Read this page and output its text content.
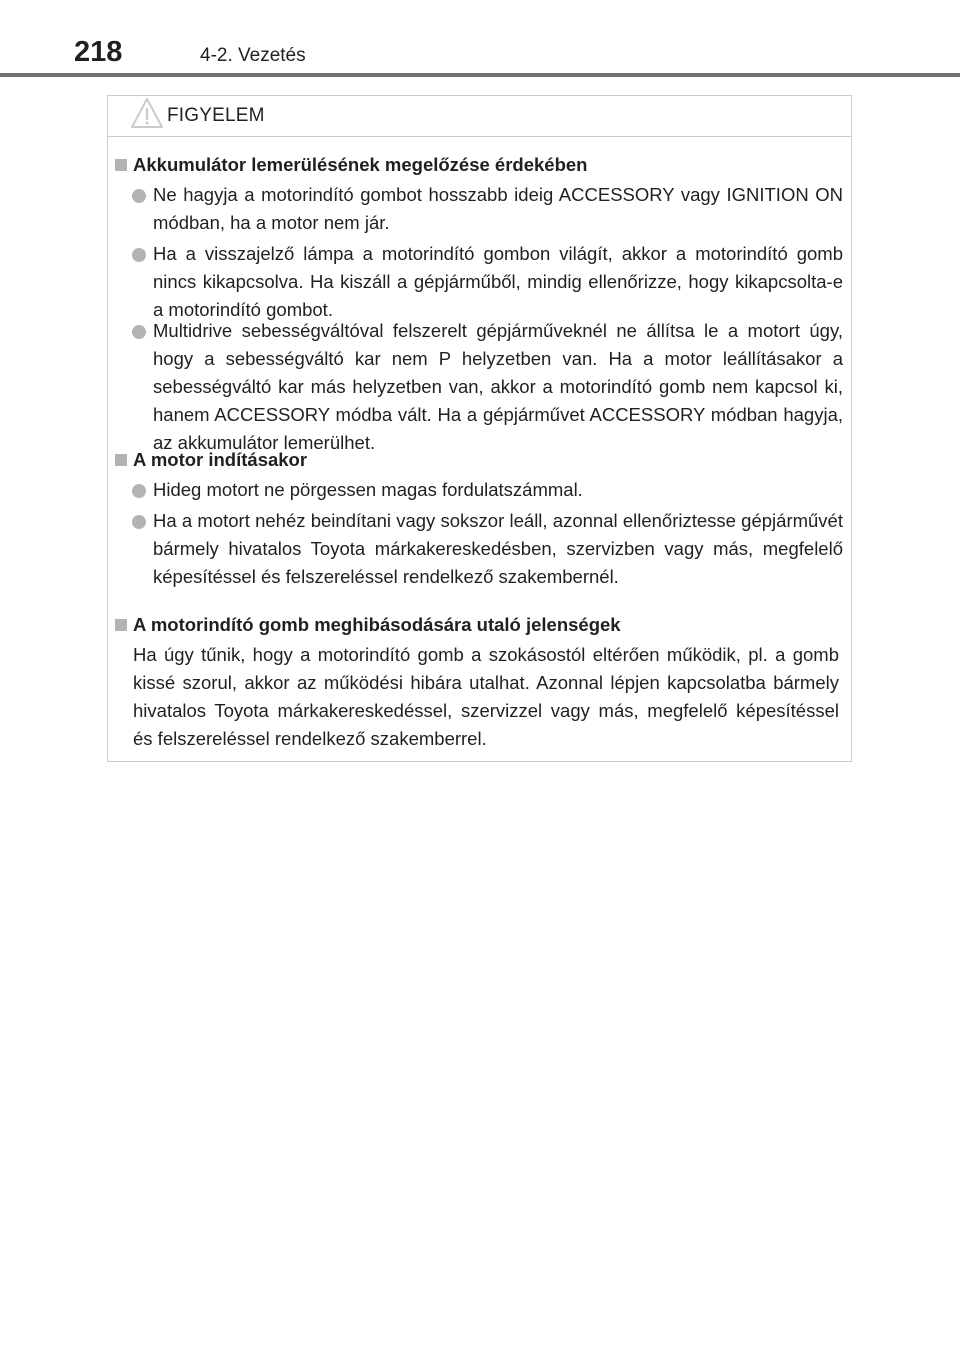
218	4-2. Vezetés
FIGYELEM
Akkumulátor lemerülésének megelőzése érdekében
Ne hagyja a motorindító gombot hosszabb ideig ACCESSORY vagy IGNITION ON módban, ha a motor nem jár.
Ha a visszajelző lámpa a motorindító gombon világít, akkor a motorindító gomb nincs kikapcsolva. Ha kiszáll a gépjárműből, mindig ellenőrizze, hogy kikapcsolta-e a motorindító gombot.
Multidrive sebességváltóval felszerelt gépjárműveknél ne állítsa le a motort úgy, hogy a sebességváltó kar nem P helyzetben van. Ha a motor leállításakor a sebességváltó kar más helyzetben van, akkor a motorindító gomb nem kapcsol ki, hanem ACCESSORY módba vált. Ha a gépjárművet ACCESSORY módban hagyja, az akkumulátor lemerülhet.
A motor indításakor
Hideg motort ne pörgessen magas fordulatszámmal.
Ha a motort nehéz beindítani vagy sokszor leáll, azonnal ellenőriztesse gépjárművét bármely hivatalos Toyota márkakereskedésben, szervizben vagy más, megfelelő képesítéssel és felszereléssel rendelkező szakembernél.
A motorindító gomb meghibásodására utaló jelenségek
Ha úgy tűnik, hogy a motorindító gomb a szokásostól eltérően működik, pl. a gomb kissé szorul, akkor az működési hibára utalhat. Azonnal lépjen kapcsolatba bármely hivatalos Toyota márkakereskedéssel, szervizzel vagy más, megfelelő képesítéssel és felszereléssel rendelkező szakemberrel.
